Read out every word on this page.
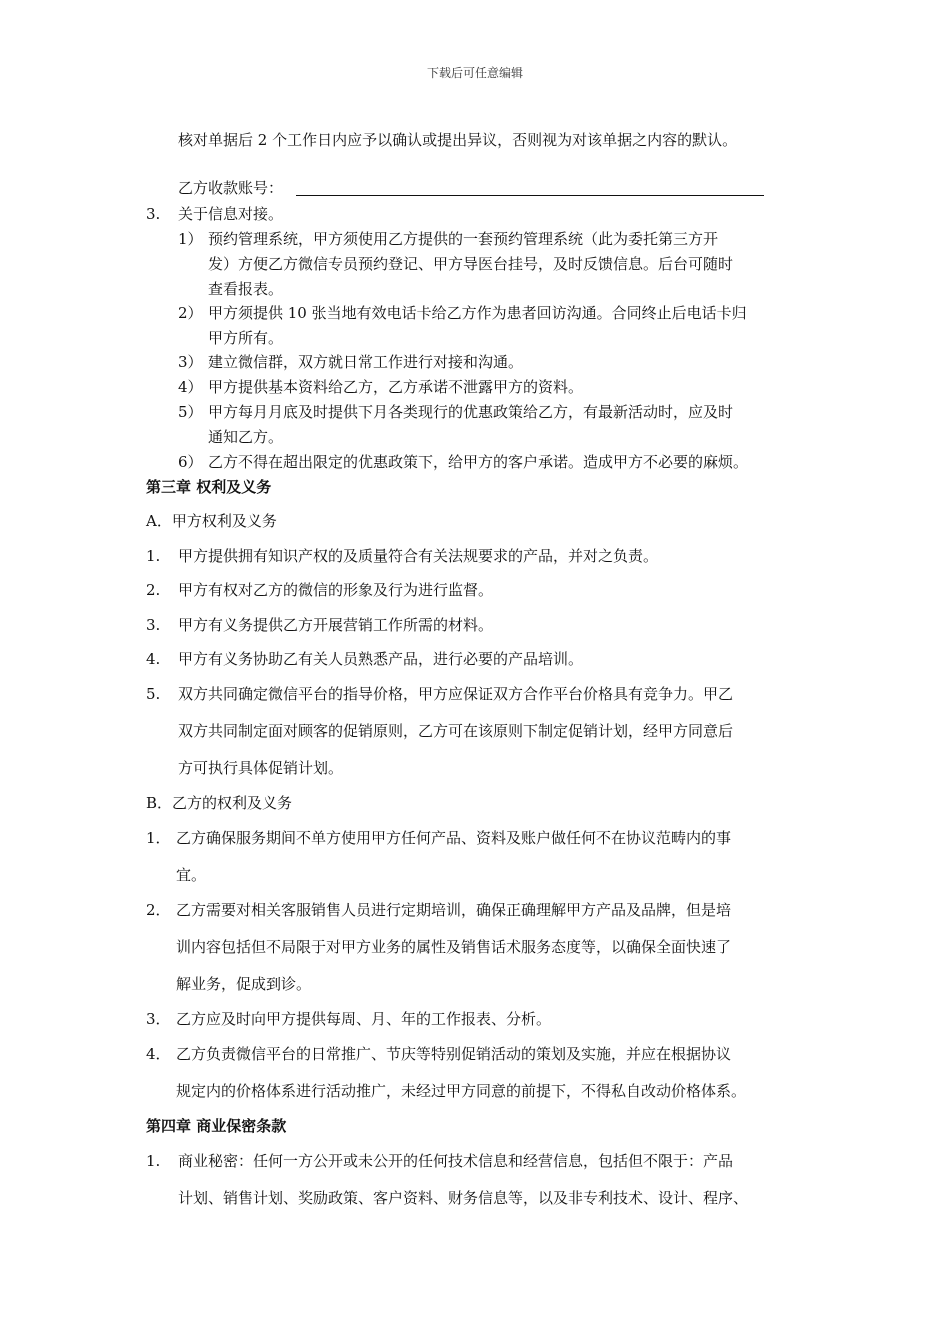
下载后可任意编辑
核对单据后 2 个工作日内应予以确认或提出异议，否则视为对该单据之内容的默认。
乙方收款账号：
3. 关于信息对接。
1） 预约管理系统，甲方须使用乙方提供的一套预约管理系统（此为委托第三方开
发）方便乙方微信专员预约登记、甲方导医台挂号，及时反馈信息。后台可随时
查看报表。
2） 甲方须提供 10 张当地有效电话卡给乙方作为患者回访沟通。合同终止后电话卡归
甲方所有。
3） 建立微信群，双方就日常工作进行对接和沟通。
4） 甲方提供基本资料给乙方，乙方承诺不泄露甲方的资料。
5） 甲方每月月底及时提供下月各类现行的优惠政策给乙方，有最新活动时，应及时
通知乙方。
6） 乙方不得在超出限定的优惠政策下，给甲方的客户承诺。造成甲方不必要的麻烦。
第三章 权利及义务
A．甲方权利及义务
1. 甲方提供拥有知识产权的及质量符合有关法规要求的产品，并对之负责。
2. 甲方有权对乙方的微信的形象及行为进行监督。
3. 甲方有义务提供乙方开展营销工作所需的材料。
4. 甲方有义务协助乙有关人员熟悉产品，进行必要的产品培训。
5. 双方共同确定微信平台的指导价格，甲方应保证双方合作平台价格具有竞争力。甲乙
双方共同制定面对顾客的促销原则，乙方可在该原则下制定促销计划，经甲方同意后
方可执行具体促销计划。
B．乙方的权利及义务
1． 乙方确保服务期间不单方使用甲方任何产品、资料及账户做任何不在协议范畴内的事
宜。
2． 乙方需要对相关客服销售人员进行定期培训，确保正确理解甲方产品及品牌，但是培
训内容包括但不局限于对甲方业务的属性及销售话术服务态度等，以确保全面快速了
解业务，促成到诊。
3． 乙方应及时向甲方提供每周、月、年的工作报表、分析。
4． 乙方负责微信平台的日常推广、节庆等特别促销活动的策划及实施，并应在根据协议
规定内的价格体系进行活动推广，未经过甲方同意的前提下，不得私自改动价格体系。
第四章 商业保密条款
1. 商业秘密：任何一方公开或未公开的任何技术信息和经营信息，包括但不限于：产品
计划、销售计划、奖励政策、客户资料、财务信息等，以及非专利技术、设计、程序、
